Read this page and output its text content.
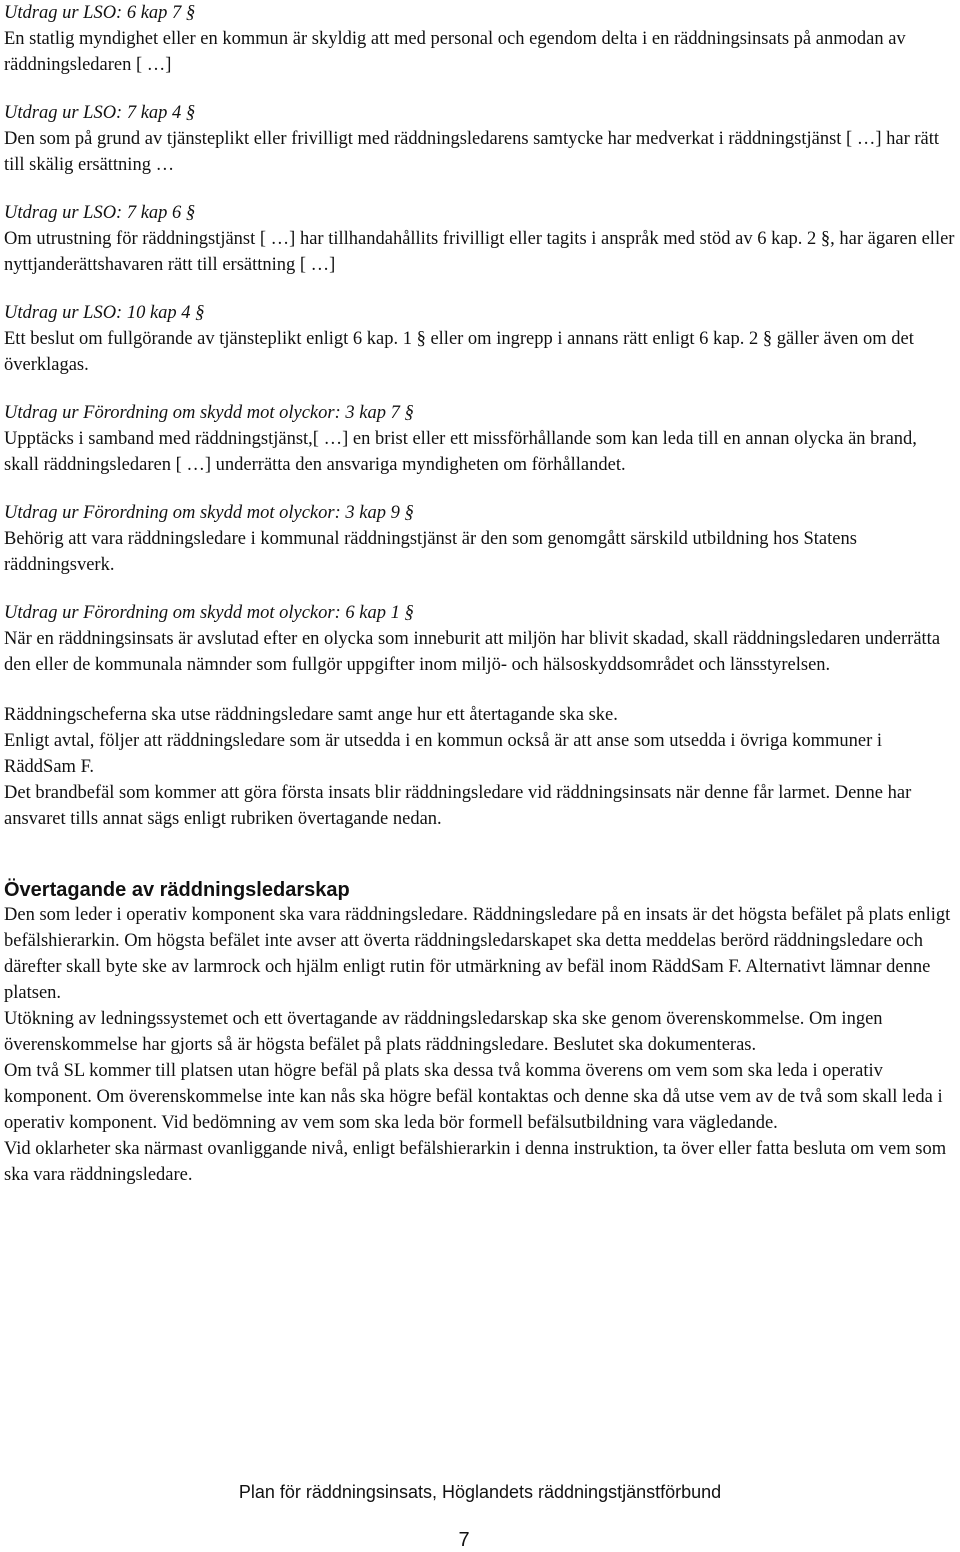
Utdrag ur LSO: 6 kap 7 §

En statlig myndighet eller en kommun är skyldig att med personal och egendom delta i en räddningsinsats på anmodan av räddningsledaren [ …]

Utdrag ur LSO: 7 kap 4 §

Den som på grund av tjänsteplikt eller frivilligt med räddningsledarens samtycke har medverkat i räddningstjänst [ …] har rätt till skälig ersättning …

Utdrag ur LSO: 7 kap 6 §

Om utrustning för räddningstjänst [ …] har tillhandahållits frivilligt eller tagits i anspråk med stöd av 6 kap. 2 §, har ägaren eller nyttjanderättshavaren rätt till ersättning [ …]

Utdrag ur LSO: 10 kap 4 §

Ett beslut om fullgörande av tjänsteplikt enligt 6 kap. 1 § eller om ingrepp i annans rätt enligt 6 kap. 2 § gäller även om det överklagas.

Utdrag ur Förordning om skydd mot olyckor: 3 kap 7 §

Upptäcks i samband med räddningstjänst,[ …] en brist eller ett missförhållande som kan leda till en annan olycka än brand, skall räddningsledaren [ …] underrätta den ansvariga myndigheten om förhållandet.

Utdrag ur Förordning om skydd mot olyckor: 3 kap 9 §

Behörig att vara räddningsledare i kommunal räddningstjänst är den som genomgått särskild utbildning hos Statens räddningsverk.

Utdrag ur Förordning om skydd mot olyckor: 6 kap 1 §

När en räddningsinsats är avslutad efter en olycka som inneburit att miljön har blivit skadad, skall räddningsledaren underrätta den eller de kommunala nämnder som fullgör uppgifter inom miljö- och hälsoskyddsområdet och länsstyrelsen.

Räddningscheferna ska utse räddningsledare samt ange hur ett återtagande ska ske.

Enligt avtal, följer att räddningsledare som är utsedda i en kommun också är att anse som utsedda i övriga kommuner i RäddSam F.

Det brandbefäl som kommer att göra första insats blir räddningsledare vid räddningsinsats när denne får larmet. Denne har ansvaret tills annat sägs enligt rubriken övertagande nedan.

Övertagande av räddningsledarskap

Den som leder i operativ komponent ska vara räddningsledare. Räddningsledare på en insats är det högsta befälet på plats enligt befälshierarkin. Om högsta befälet inte avser att överta räddningsledarskapet ska detta meddelas berörd räddningsledare och därefter skall byte ske av larmrock och hjälm enligt rutin för utmärkning av befäl inom RäddSam F. Alternativt lämnar denne platsen.

Utökning av ledningssystemet och ett övertagande av räddningsledarskap ska ske genom överenskommelse. Om ingen överenskommelse har gjorts så är högsta befälet på plats räddningsledare. Beslutet ska dokumenteras.

Om två SL kommer till platsen utan högre befäl på plats ska dessa två komma överens om vem som ska leda i operativ komponent. Om överenskommelse inte kan nås ska högre befäl kontaktas och denne ska då utse vem av de två som skall leda i operativ komponent. Vid bedömning av vem som ska leda bör formell befälsutbildning vara vägledande.

Vid oklarheter ska närmast ovanliggande nivå, enligt befälshierarkin i denna instruktion, ta över eller fatta besluta om vem som ska vara räddningsledare.

Plan för räddningsinsats, Höglandets räddningstjänstförbund
7
